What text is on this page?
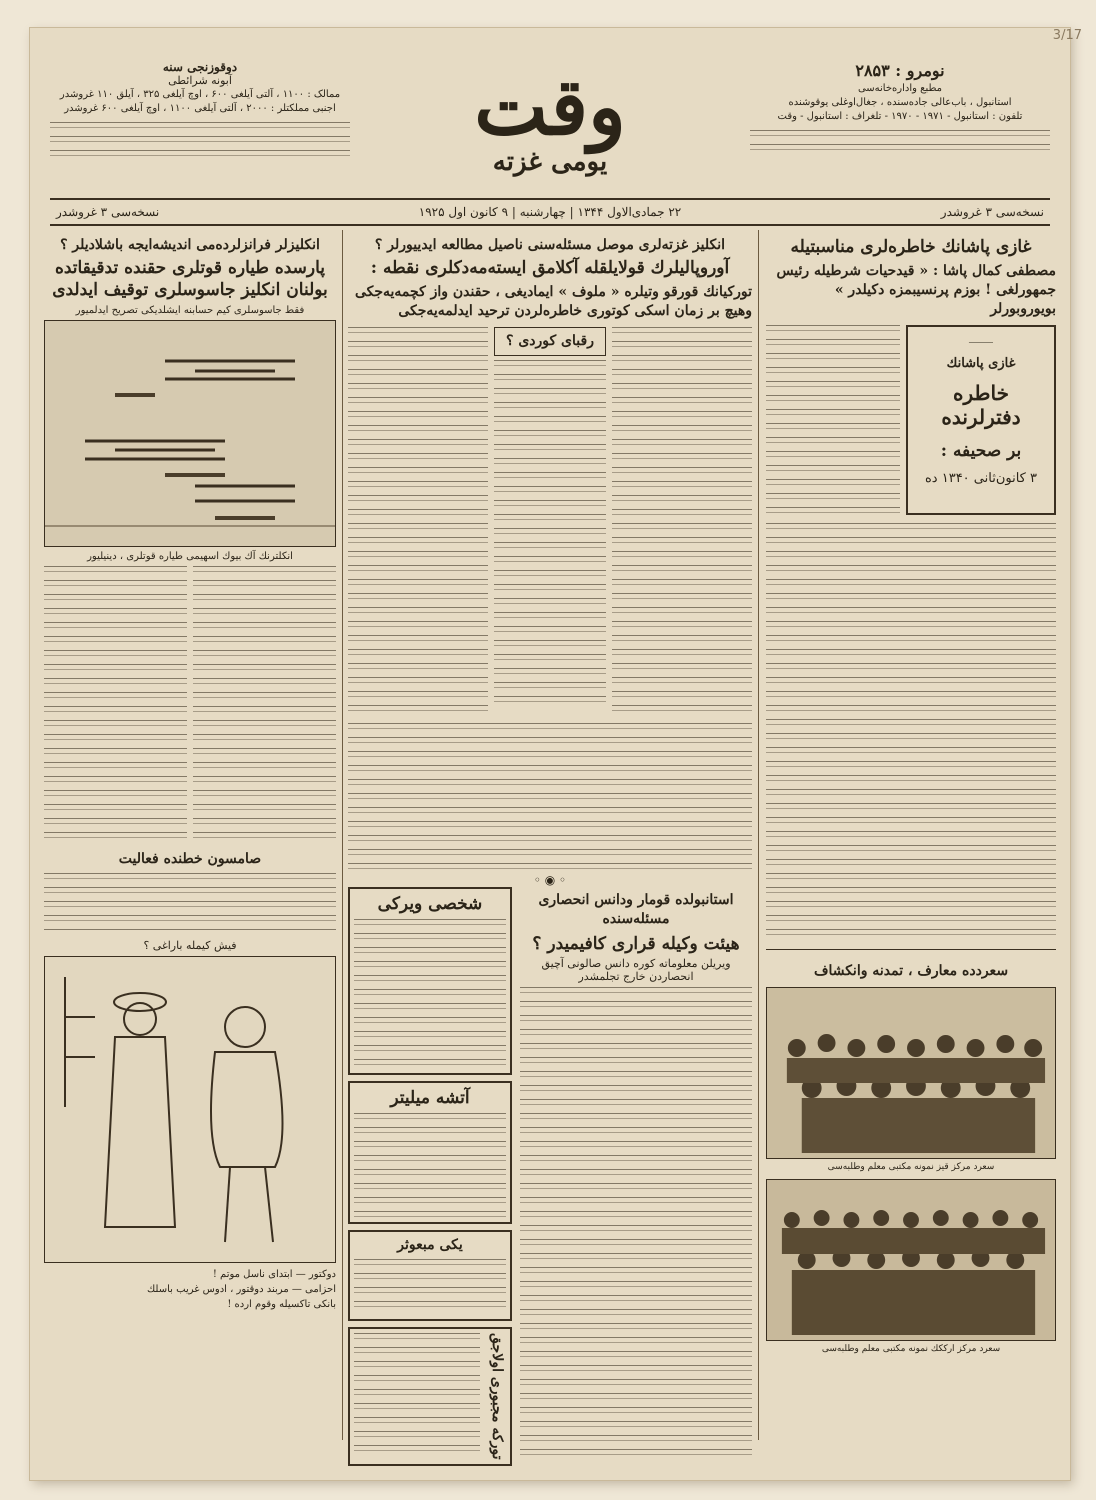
نومرو : ۲۸۵۳
مطبع واداره‌خانه‌سی
استانبول ، باب‌عالی جاده‌سنده ، جغال‌اوغلی یوقوشنده
تلفون : استانبول - ۱۹۷۱ - ۱۹۷۰ - تلغراف : استانبول - وقت
وقت
یومی غزته
دوقوزنجی سنه
آبونه شرائطی
ممالک : ۱۱۰۰ ، آلتی آیلغی ۶۰۰ ، اوچ آیلغی ۳۲۵ ، آیلق ۱۱۰ غروشدر
اجنبی مملکتلر : ۲۰۰۰ ، آلتی آیلغی ۱۱۰۰ ، اوچ آیلغی ۶۰۰ غروشدر
نسخه‌سی ۳ غروشدر
۲۲ جمادی‌الاول ۱۳۴۴ | چهارشنبه | ۹ كانون اول ۱۹۲۵
نسخه‌سی ۳ غروشدر
غازی پاشانك خاطره‌لری مناسبتیله
مصطفی كمال پاشا : « قیدحیات شرطیله رئیس جمهورلغی ! بوزم پرنسیبمزه دكیلدر » بویوروبورلر
⸻
غازی پاشانك
خاطره دفترلرنده
بر صحیفه :
۳ كانون‌ثانی ۱۳۴۰ ده
سعردده معارف ، تمدنه وانكشاف
سعرد مركز قیز نمونه مكتبی معلم وطلبه‌سی
سعرد مركز ارككك نمونه مكتبی معلم وطلبه‌سی
انكلیز غزته‌لری موصل مسئله‌سنی ناصیل مطالعه ایدییورلر ؟
آوروپالیلرك قولایلقله آكلامق ایسته‌مه‌دكلری نقطه :
توركیانك قورقو وتیلره « ملوف » ایمادیغی ، حقندن واز كچمه‌یه‌جكی وهیچ بر زمان اسكی كوتوری خاطره‌لردن ترحید ایدلمه‌یه‌جكی
رقبای كوردی ؟
◦ ◉ ◦
استانبولده قومار ودانس انحصاری مسئله‌سنده
هیئت وكیله قراری كافیمیدر ؟
ویریلن معلوماته كوره دانس صالونی آچیق انحصاردن خارج تجلمشدر
شخصی ویركی
آتشه میلیتر
یكی مبعوثر
توركه مجبوری اولاجق
انكلیزلر فرانزلرده‌می اندیشه‌ایجه باشلادیلر ؟
پارسده طیاره قوتلری حقنده تدقیقاتده بولنان انكلیز جاسوسلری توقیف ایدلدی
فقط جاسوسلری كیم حسابنه ایشلدیكی تصریح ایدلمیور
انكلترنك آك بیوك اسهیمی طیاره قوتلری ، دینیلیور
صامسون خطنده فعالیت
فیش كیمله باراغی ؟
دوكتور — ابتدای ناسل موتم !
احزامی — مربند دوقتور ، ادوس غریب باسلك
بانكی تاكسیله وقوم ارده !
3/17
